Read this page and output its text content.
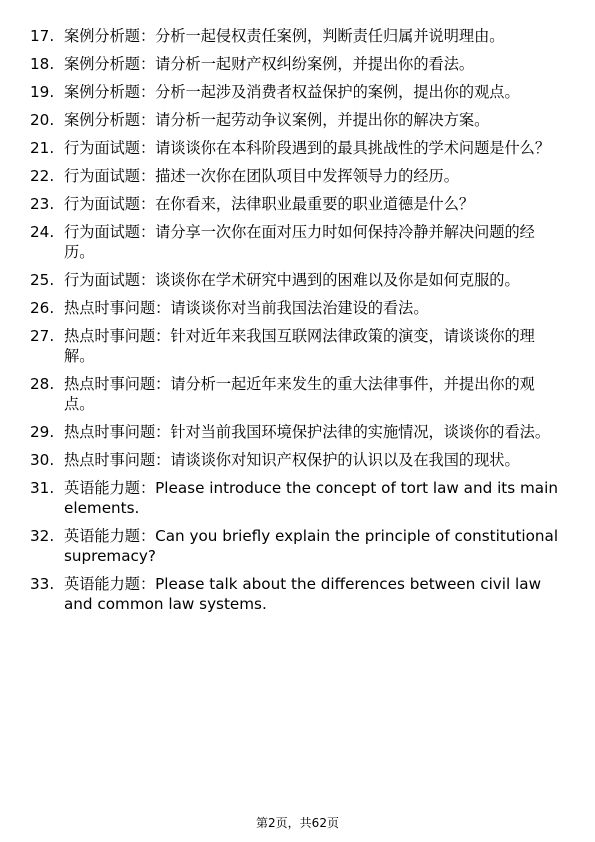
17. 案例分析题：分析一起侵权责任案例，判断责任归属并说明理由。
18. 案例分析题：请分析一起财产权纠纷案例，并提出你的看法。
19. 案例分析题：分析一起涉及消费者权益保护的案例，提出你的观点。
20. 案例分析题：请分析一起劳动争议案例，并提出你的解决方案。
21. 行为面试题：请谈谈你在本科阶段遇到的最具挑战性的学术问题是什么？
22. 行为面试题：描述一次你在团队项目中发挥领导力的经历。
23. 行为面试题：在你看来，法律职业最重要的职业道德是什么？
24. 行为面试题：请分享一次你在面对压力时如何保持冷静并解决问题的经历。
25. 行为面试题：谈谈你在学术研究中遇到的困难以及你是如何克服的。
26. 热点时事问题：请谈谈你对当前我国法治建设的看法。
27. 热点时事问题：针对近年来我国互联网法律政策的演变，请谈谈你的理解。
28. 热点时事问题：请分析一起近年来发生的重大法律事件，并提出你的观点。
29. 热点时事问题：针对当前我国环境保护法律的实施情况，谈谈你的看法。
30. 热点时事问题：请谈谈你对知识产权保护的认识以及在我国的现状。
31. 英语能力题：Please introduce the concept of tort law and its main elements.
32. 英语能力题：Can you briefly explain the principle of constitutional supremacy?
33. 英语能力题：Please talk about the differences between civil law and common law systems.
第2页，共62页
